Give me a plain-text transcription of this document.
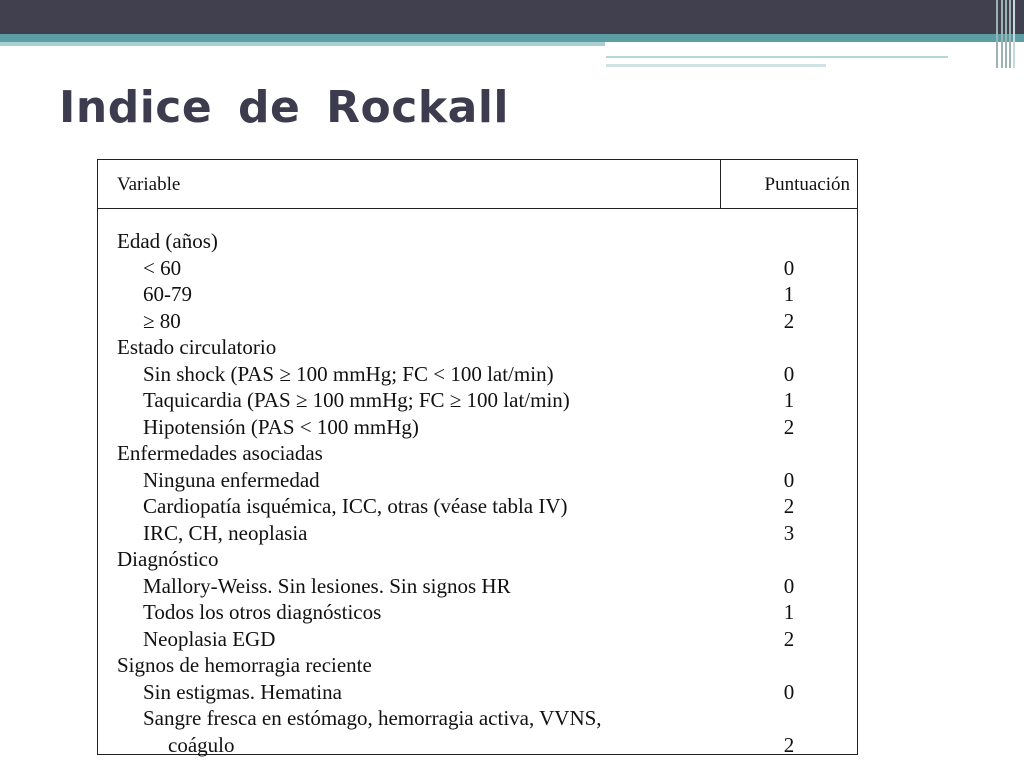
Indice de Rockall
Variable	Puntuación
Edad (años)
< 60	0
60-79	1
≥ 80	2
Estado circulatorio
Sin shock (PAS ≥ 100 mmHg; FC < 100 lat/min)	0
Taquicardia (PAS ≥ 100 mmHg; FC ≥ 100 lat/min)	1
Hipotensión (PAS < 100 mmHg)	2
Enfermedades asociadas
Ninguna enfermedad	0
Cardiopatía isquémica, ICC, otras (véase tabla IV)	2
IRC, CH, neoplasia	3
Diagnóstico
Mallory-Weiss. Sin lesiones. Sin signos HR	0
Todos los otros diagnósticos	1
Neoplasia EGD	2
Signos de hemorragia reciente
Sin estigmas. Hematina	0
Sangre fresca en estómago, hemorragia activa, VVNS,
coágulo	2
